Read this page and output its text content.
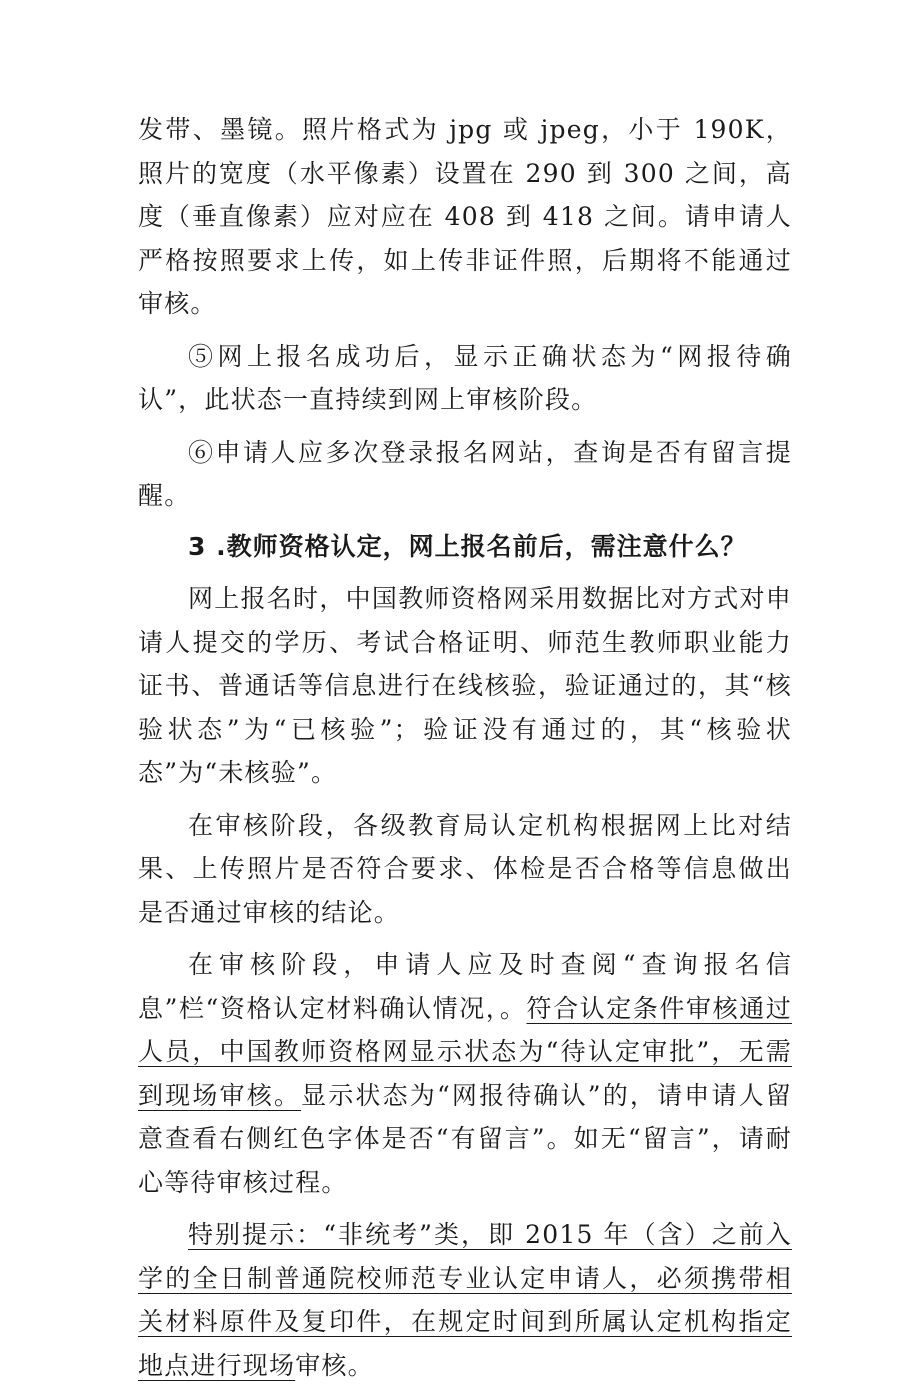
发带、墨镜。照片格式为 jpg 或 jpeg，小于 190K，照片的宽度（水平像素）设置在 290 到 300 之间，高度（垂直像素）应对应在 408 到 418 之间。请申请人严格按照要求上传，如上传非证件照，后期将不能通过审核。

⑤网上报名成功后，显示正确状态为“网报待确认”，此状态一直持续到网上审核阶段。

⑥申请人应多次登录报名网站，查询是否有留言提醒。

3 .教师资格认定，网上报名前后，需注意什么？

网上报名时，中国教师资格网采用数据比对方式对申请人提交的学历、考试合格证明、师范生教师职业能力证书、普通话等信息进行在线核验，验证通过的，其“核验状态”为“已核验”；验证没有通过的，其“核验状态”为“未核验”。

在审核阶段，各级教育局认定机构根据网上比对结果、上传照片是否符合要求、体检是否合格等信息做出是否通过审核的结论。

在审核阶段，申请人应及时查阅“查询报名信息”栏“资格认定材料确认情况，。符合认定条件审核通过人员，中国教师资格网显示状态为“待认定审批”，无需到现场审核。显示状态为“网报待确认”的，请申请人留意查看右侧红色字体是否“有留言”。如无“留言”，请耐心等待审核过程。

特别提示：“非统考”类，即 2015 年（含）之前入学的全日制普通院校师范专业认定申请人，必须携带相关材料原件及复印件，在规定时间到所属认定机构指定地点进行现场审核。
